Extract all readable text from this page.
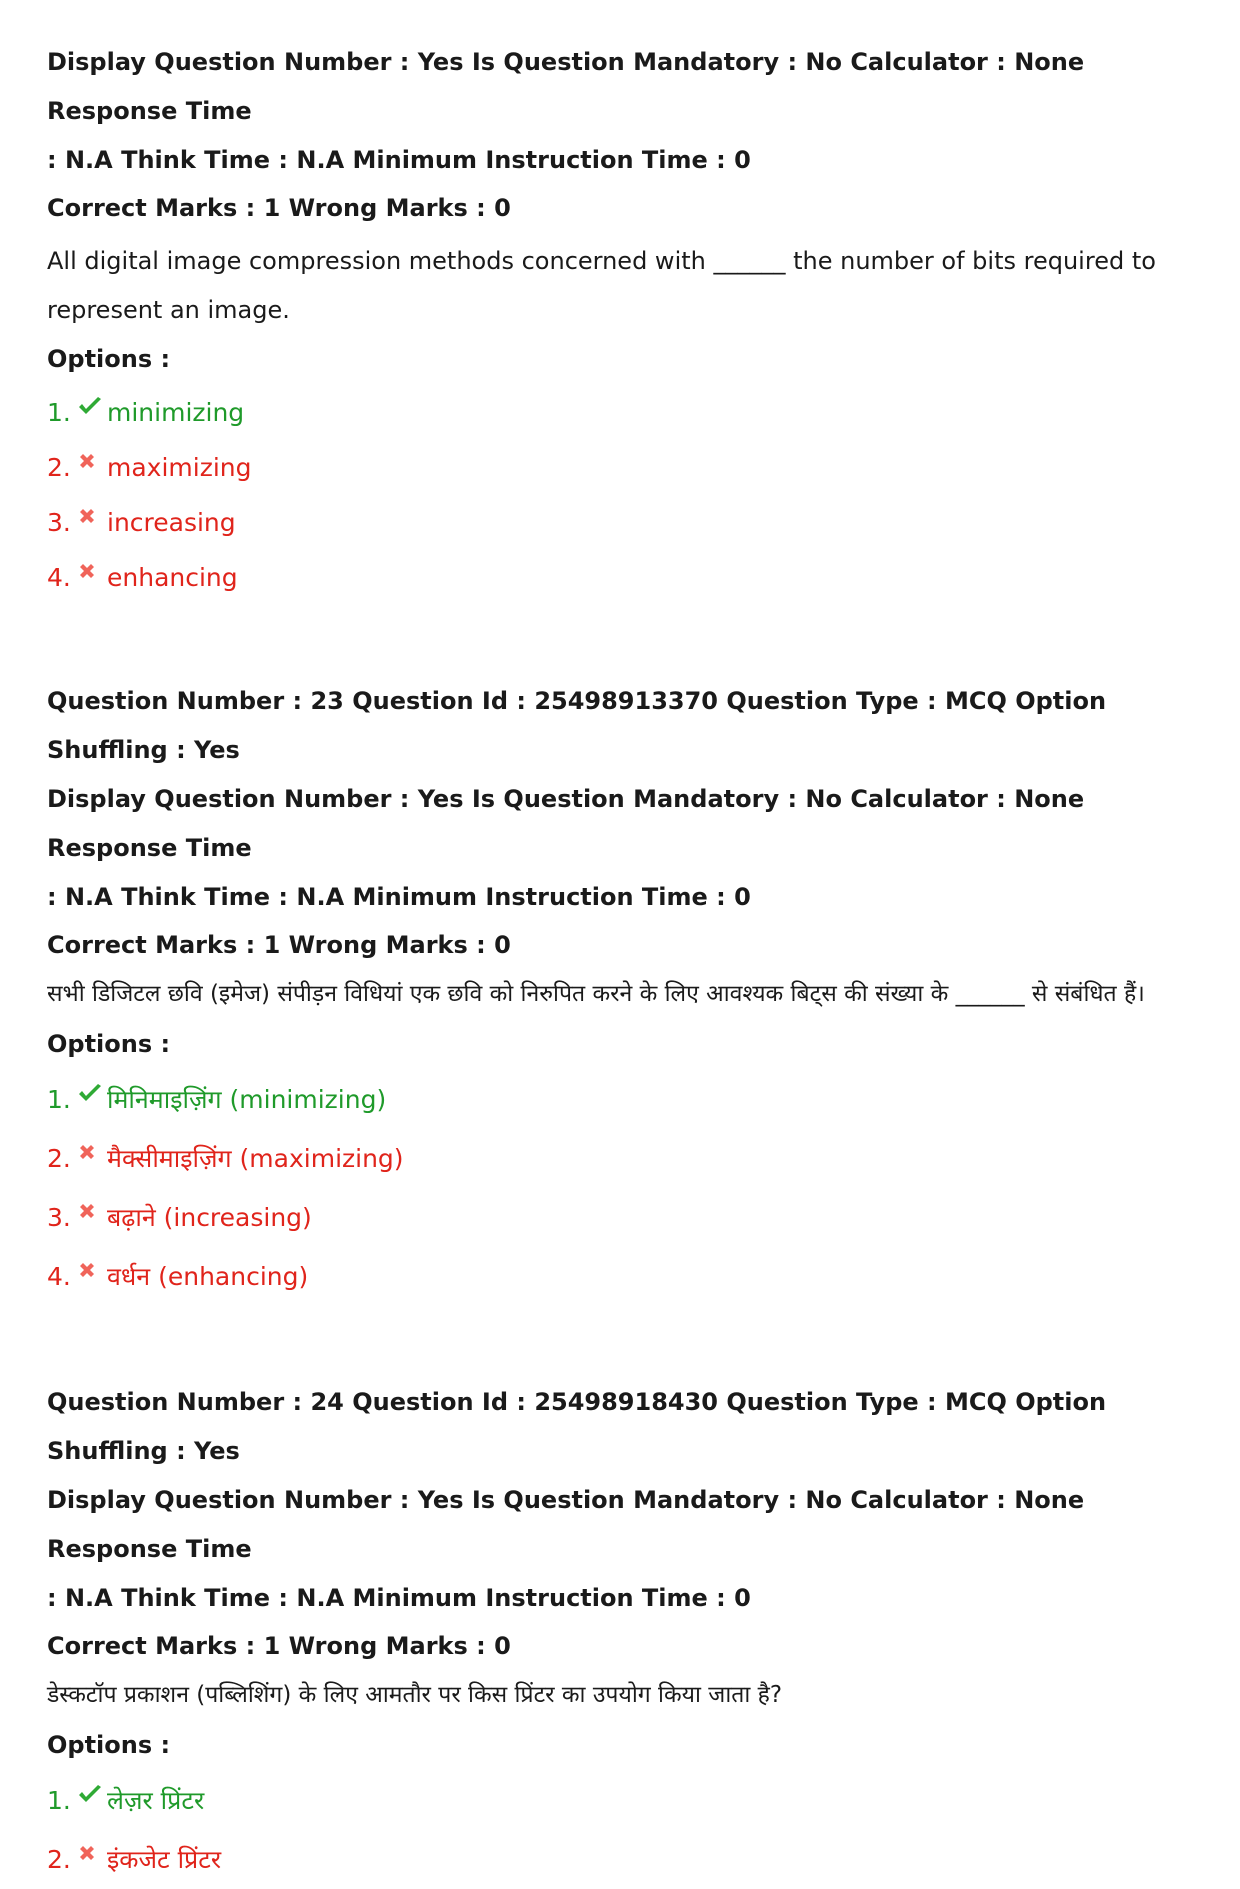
Display Question Number : Yes Is Question Mandatory : No Calculator : None Response Time

: N.A Think Time : N.A Minimum Instruction Time : 0

Correct Marks : 1 Wrong Marks : 0

All digital image compression methods concerned with ______ the number of bits required to
represent an image.

Options :

1. minimizing
2. maximizing
3. increasing
4. enhancing

Question Number : 23 Question Id : 25498913370 Question Type : MCQ Option Shuffling : Yes

Display Question Number : Yes Is Question Mandatory : No Calculator : None Response Time

: N.A Think Time : N.A Minimum Instruction Time : 0

Correct Marks : 1 Wrong Marks : 0

सभी डिजिटल छवि (इमेज) संपीड़न विधियां एक छवि को निरुपित करने के लिए आवश्यक बिट्स की संख्या के ______ से संबंधित हैं।

Options :

1. मिनिमाइज़िंग (minimizing)
2. मैक्सीमाइज़िंग (maximizing)
3. बढ़ाने (increasing)
4. वर्धन (enhancing)

Question Number : 24 Question Id : 25498918430 Question Type : MCQ Option Shuffling : Yes

Display Question Number : Yes Is Question Mandatory : No Calculator : None Response Time

: N.A Think Time : N.A Minimum Instruction Time : 0

Correct Marks : 1 Wrong Marks : 0

डेस्कटॉप प्रकाशन (पब्लिशिंग) के लिए आमतौर पर किस प्रिंटर का उपयोग किया जाता है?

Options :

1. लेज़र प्रिंटर
2. इंकजेट प्रिंटर
